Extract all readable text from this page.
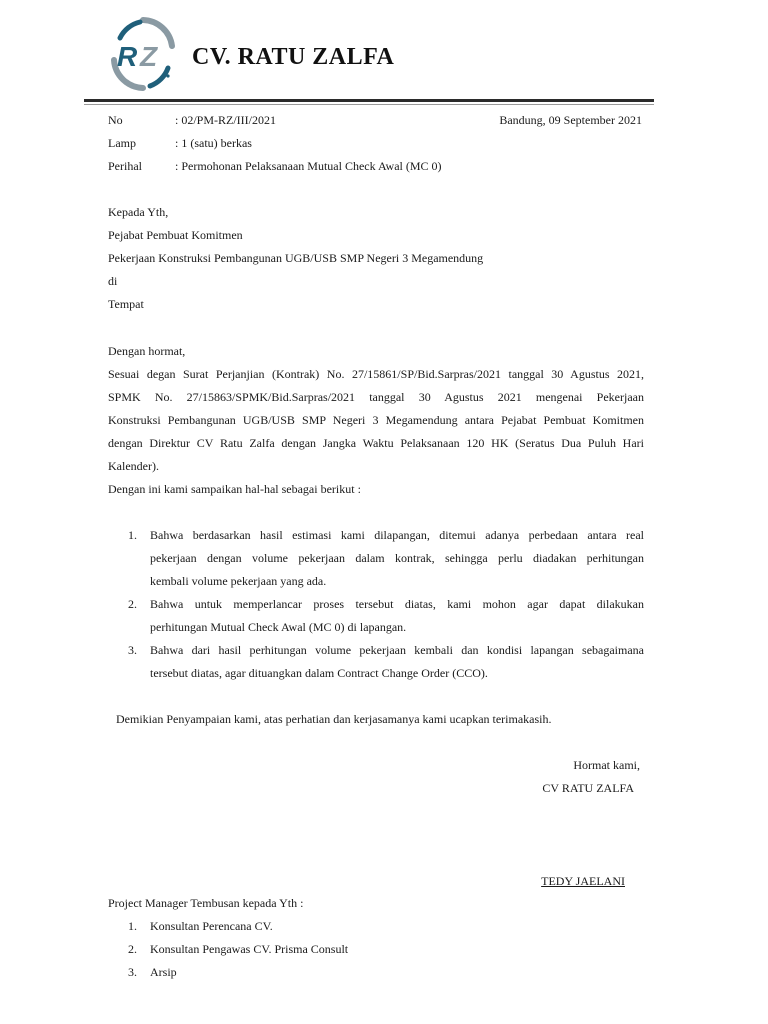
R Z CV. RATU ZALFA
No	: 02/PM-RZ/III/2021	Bandung, 09 September 2021
Lamp	: 1 (satu) berkas
Perihal	: Permohonan Pelaksanaan Mutual Check Awal (MC 0)
Kepada Yth,
Pejabat Pembuat Komitmen
Pekerjaan Konstruksi Pembangunan UGB/USB SMP Negeri 3 Megamendung
di
Tempat
Dengan hormat,
Sesuai degan Surat Perjanjian (Kontrak) No. 27/15861/SP/Bid.Sarpras/2021 tanggal 30 Agustus 2021,
SPMK No. 27/15863/SPMK/Bid.Sarpras/2021 tanggal 30 Agustus 2021 mengenai Pekerjaan
Konstruksi Pembangunan UGB/USB SMP Negeri 3 Megamendung antara Pejabat Pembuat Komitmen
dengan Direktur CV Ratu Zalfa dengan Jangka Waktu Pelaksanaan 120 HK (Seratus Dua Puluh Hari
Kalender).
Dengan ini kami sampaikan hal-hal sebagai berikut :
1. Bahwa berdasarkan hasil estimasi kami dilapangan, ditemui adanya perbedaan antara real
pekerjaan dengan volume pekerjaan dalam kontrak, sehingga perlu diadakan perhitungan
kembali volume pekerjaan yang ada.
2. Bahwa untuk memperlancar proses tersebut diatas, kami mohon agar dapat dilakukan
perhitungan Mutual Check Awal (MC 0) di lapangan.
3. Bahwa dari hasil perhitungan volume pekerjaan kembali dan kondisi lapangan sebagaimana
tersebut diatas, agar dituangkan dalam Contract Change Order (CCO).
Demikian Penyampaian kami, atas perhatian dan kerjasamanya kami ucapkan terimakasih.
Hormat kami,
CV RATU ZALFA
TEDY JAELANI
Project Manager Tembusan kepada Yth :
1. Konsultan Perencana CV.
2. Konsultan Pengawas CV. Prisma Consult
3. Arsip
